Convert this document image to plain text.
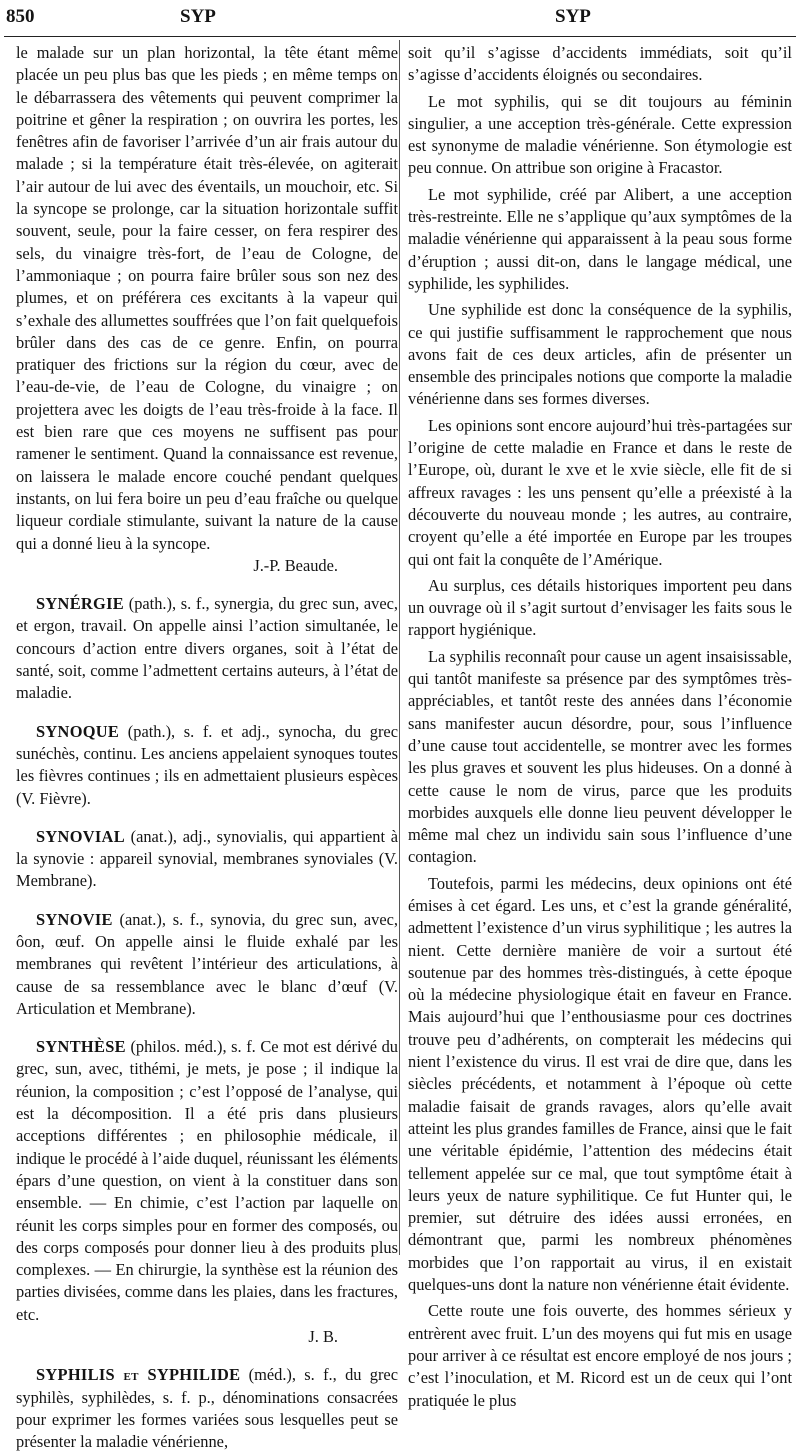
850	SYP	SYP

le malade sur un plan horizontal, la tête étant même placée un peu plus bas que les pieds ; en même temps on le débarrassera des vêtements qui peuvent comprimer la poitrine et gêner la respiration ; on ouvrira les portes, les fenêtres afin de favoriser l’arrivée d’un air frais autour du malade ; si la température était très-élevée, on agiterait l’air autour de lui avec des éventails, un mouchoir, etc. Si la syncope se prolonge, car la situation horizontale suffit souvent, seule, pour la faire cesser, on fera respirer des sels, du vinaigre très-fort, de l’eau de Cologne, de l’ammoniaque ; on pourra faire brûler sous son nez des plumes, et on préférera ces excitants à la vapeur qui s’exhale des allumettes souffrées que l’on fait quelquefois brûler dans des cas de ce genre. Enfin, on pourra pratiquer des frictions sur la région du cœur, avec de l’eau-de-vie, de l’eau de Cologne, du vinaigre ; on projettera avec les doigts de l’eau très-froide à la face. Il est bien rare que ces moyens ne suffisent pas pour ramener le sentiment. Quand la connaissance est revenue, on laissera le malade encore couché pendant quelques instants, on lui fera boire un peu d’eau fraîche ou quelque liqueur cordiale stimulante, suivant la nature de la cause qui a donné lieu à la syncope.

J.-P. Beaude.

SYNÉRGIE (path.), s. f., synergia, du grec sun, avec, et ergon, travail. On appelle ainsi l’action simultanée, le concours d’action entre divers organes, soit à l’état de santé, soit, comme l’admettent certains auteurs, à l’état de maladie.

SYNOQUE (path.), s. f. et adj., synocha, du grec sunéchès, continu. Les anciens appelaient synoques toutes les fièvres continues ; ils en admettaient plusieurs espèces (V. Fièvre).

SYNOVIAL (anat.), adj., synovialis, qui appartient à la synovie : appareil synovial, membranes synoviales (V. Membrane).

SYNOVIE (anat.), s. f., synovia, du grec sun, avec, ôon, œuf. On appelle ainsi le fluide exhalé par les membranes qui revêtent l’intérieur des articulations, à cause de sa ressemblance avec le blanc d’œuf (V. Articulation et Membrane).

SYNTHÈSE (philos. méd.), s. f. Ce mot est dérivé du grec, sun, avec, tithémi, je mets, je pose ; il indique la réunion, la composition ; c’est l’opposé de l’analyse, qui est la décomposition. Il a été pris dans plusieurs acceptions différentes ; en philosophie médicale, il indique le procédé à l’aide duquel, réunissant les éléments épars d’une question, on vient à la constituer dans son ensemble. — En chimie, c’est l’action par laquelle on réunit les corps simples pour en former des composés, ou des corps composés pour donner lieu à des produits plus complexes. — En chirurgie, la synthèse est la réunion des parties divisées, comme dans les plaies, dans les fractures, etc.

J. B.

SYPHILIS et SYPHILIDE (méd.), s. f., du grec syphilès, syphilèdes, s. f. p., dénominations consacrées pour exprimer les formes variées sous lesquelles peut se présenter la maladie vénérienne,

soit qu’il s’agisse d’accidents immédiats, soit qu’il s’agisse d’accidents éloignés ou secondaires.

Le mot syphilis, qui se dit toujours au féminin singulier, a une acception très-générale. Cette expression est synonyme de maladie vénérienne. Son étymologie est peu connue. On attribue son origine à Fracastor.

Le mot syphilide, créé par Alibert, a une acception très-restreinte. Elle ne s’applique qu’aux symptômes de la maladie vénérienne qui apparaissent à la peau sous forme d’éruption ; aussi dit-on, dans le langage médical, une syphilide, les syphilides.

Une syphilide est donc la conséquence de la syphilis, ce qui justifie suffisamment le rapprochement que nous avons fait de ces deux articles, afin de présenter un ensemble des principales notions que comporte la maladie vénérienne dans ses formes diverses.

Les opinions sont encore aujourd’hui très-partagées sur l’origine de cette maladie en France et dans le reste de l’Europe, où, durant le xve et le xvie siècle, elle fit de si affreux ravages : les uns pensent qu’elle a préexisté à la découverte du nouveau monde ; les autres, au contraire, croyent qu’elle a été importée en Europe par les troupes qui ont fait la conquête de l’Amérique.

Au surplus, ces détails historiques importent peu dans un ouvrage où il s’agit surtout d’envisager les faits sous le rapport hygiénique.

La syphilis reconnaît pour cause un agent insaisissable, qui tantôt manifeste sa présence par des symptômes très-appréciables, et tantôt reste des années dans l’économie sans manifester aucun désordre, pour, sous l’influence d’une cause tout accidentelle, se montrer avec les formes les plus graves et souvent les plus hideuses. On a donné à cette cause le nom de virus, parce que les produits morbides auxquels elle donne lieu peuvent développer le même mal chez un individu sain sous l’influence d’une contagion.

Toutefois, parmi les médecins, deux opinions ont été émises à cet égard. Les uns, et c’est la grande généralité, admettent l’existence d’un virus syphilitique ; les autres la nient. Cette dernière manière de voir a surtout été soutenue par des hommes très-distingués, à cette époque où la médecine physiologique était en faveur en France. Mais aujourd’hui que l’enthousiasme pour ces doctrines trouve peu d’adhérents, on compterait les médecins qui nient l’existence du virus. Il est vrai de dire que, dans les siècles précédents, et notamment à l’époque où cette maladie faisait de grands ravages, alors qu’elle avait atteint les plus grandes familles de France, ainsi que le fait une véritable épidémie, l’attention des médecins était tellement appelée sur ce mal, que tout symptôme était à leurs yeux de nature syphilitique. Ce fut Hunter qui, le premier, sut détruire des idées aussi erronées, en démontrant que, parmi les nombreux phénomènes morbides que l’on rapportait au virus, il en existait quelques-uns dont la nature non vénérienne était évidente.

Cette route une fois ouverte, des hommes sérieux y entrèrent avec fruit. L’un des moyens qui fut mis en usage pour arriver à ce résultat est encore employé de nos jours ; c’est l’inoculation, et M. Ricord est un de ceux qui l’ont pratiquée le plus
